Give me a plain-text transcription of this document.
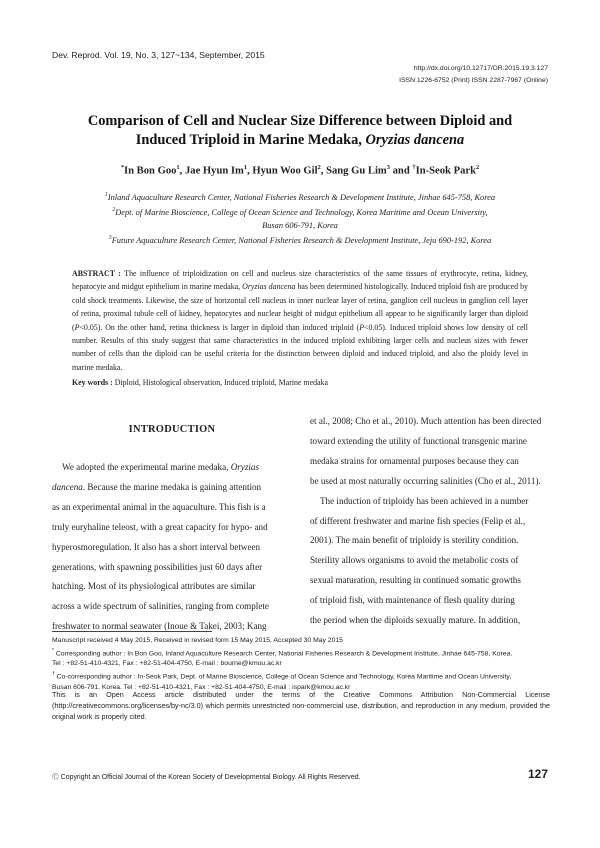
Dev. Reprod. Vol. 19, No. 3, 127~134, September, 2015
http://dx.doi.org/10.12717/DR.2015.19.3.127
ISSN 1226-6752 (Print) ISSN 2287-7967 (Online)
Comparison of Cell and Nuclear Size Difference between Diploid and
Induced Triploid in Marine Medaka, Oryzias dancena
*In Bon Goo$^1$, Jae Hyun Im$^1$, Hyun Woo Gil$^2$, Sang Gu Lim$^3$ and †In-Seok Park$^2$
$^1$Inland Aquaculture Research Center, National Fisheries Research & Development Institute, Jinhae 645-758, Korea
$^2$Dept. of Marine Bioscience, College of Ocean Science and Technology, Korea Maritime and Ocean University,
Busan 606-791, Korea
$^3$Future Aquaculture Research Center, National Fisheries Research & Development Institute, Jeju 690-192, Korea
ABSTRACT : The influence of triploidization on cell and nucleus size characteristics of the same tissues of erythrocyte, retina, kidney, hepatocyte and midgut epithelium in marine medaka, Oryzias dancena has been determined histologically. Induced triploid fish are produced by cold shock treatments. Likewise, the size of horizontal cell nucleus in inner nuclear layer of retina, ganglion cell nucleus in ganglion cell layer of retina, proximal tubule cell of kidney, hepatocytes and nuclear height of midgut epithelium all appear to be significantly larger than diploid (P<0.05). On the other hand, retina thickness is larger in diploid than induced triploid (P<0.05). Induced triploid shows low density of cell number. Results of this study suggest that same characteristics in the induced triploid exhibiting larger cells and nucleus sizes with fewer number of cells than the diploid can be useful criteria for the distinction between diploid and induced triploid, and also the ploidy level in marine medaka.
Key words : Diploid, Histological observation, Induced triploid, Marine medaka
INTRODUCTION
We adopted the experimental marine medaka, Oryzias
dancena. Because the marine medaka is gaining attention
as an experimental animal in the aquaculture. This fish is a
truly euryhaline teleost, with a great capacity for hypo- and
hyperosmoregulation. It also has a short interval between
generations, with spawning possibilities just 60 days after
hatching. Most of its physiological attributes are similar
across a wide spectrum of salinities, ranging from complete
freshwater to normal seawater (Inoue & Takei, 2003; Kang
et al., 2008; Cho et al., 2010). Much attention has been directed
toward extending the utility of functional transgenic marine
medaka strains for ornamental purposes because they can
be used at most naturally occurring salinities (Cho et al., 2011).
The induction of triploidy has been achieved in a number
of different freshwater and marine fish species (Felip et al.,
2001). The main benefit of triploidy is sterility condition.
Sterility allows organisms to avoid the metabolic costs of
sexual maturation, resulting in continued somatic growths
of triploid fish, with maintenance of flesh quality during
the period when the diploids sexually mature. In addition,
Manuscript received 4 May 2015, Received in revised form 15 May 2015, Accepted 30 May 2015
* Corresponding author : In Bon Goo, Inland Aquaculture Research Center, National Fisheries Research & Development Institute, Jinhae 645-758, Korea.
Tel : +82-51-410-4321, Fax : +82-51-404-4750, E-mail : bourne@kmou.ac.kr
† Co-corresponding author : In-Seok Park, Dept. of Marine Bioscience, College of Ocean Science and Technology, Korea Maritime and Ocean University,
Busan 606-791, Korea. Tel : +82-51-410-4321, Fax : +82-51-404-4750, E-mail : ispark@kmou.ac.kr
This is an Open Access article distributed under the terms of the Creative Commons Attribution Non-Commercial License (http://creativecommons.org/licenses/by-nc/3.0) which permits unrestricted non-commercial use, distribution, and reproduction in any medium, provided the original work is properly cited.
Ⓒ Copyright an Official Journal of the Korean Society of Developmental Biology. All Rights Reserved.	127
